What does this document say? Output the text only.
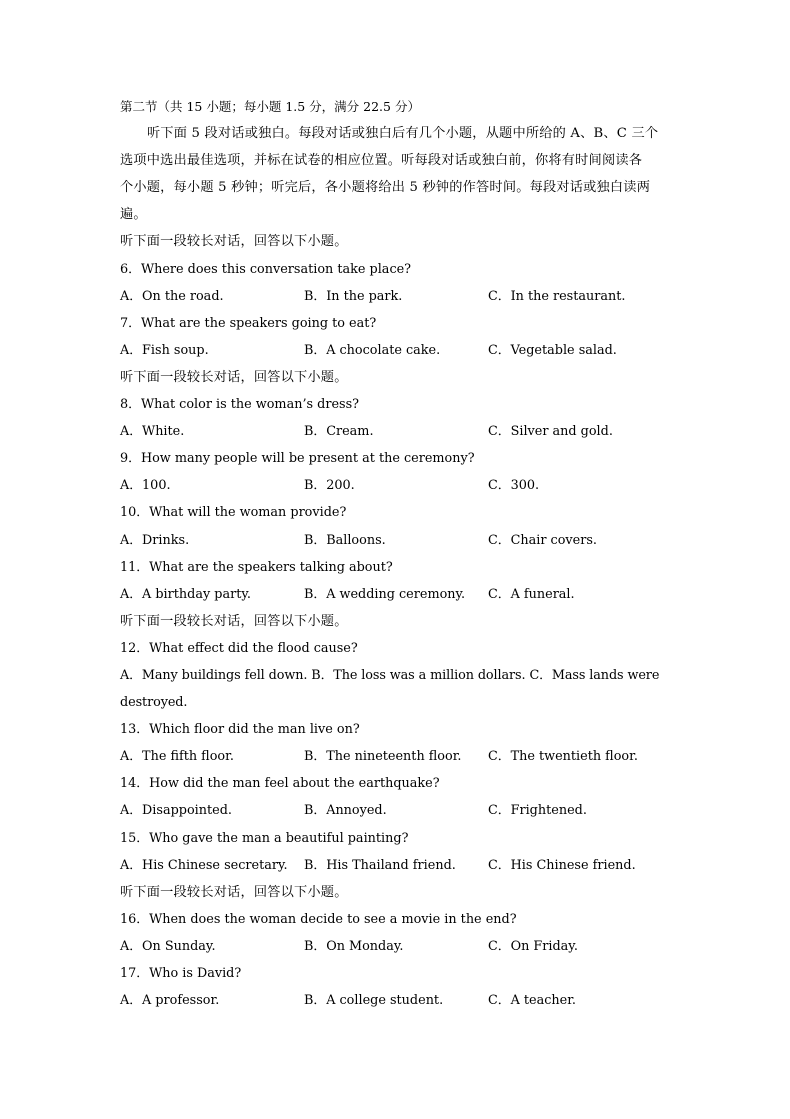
第二节（共 15 小题；每小题 1.5 分，满分 22.5 分）
听下面 5 段对话或独白。每段对话或独白后有几个小题，从题中所给的 A、B、C 三个
选项中选出最佳选项，并标在试卷的相应位置。听每段对话或独白前，你将有时间阅读各
个小题，每小题 5 秒钟；听完后，各小题将给出 5 秒钟的作答时间。每段对话或独白读两
遍。
听下面一段较长对话，回答以下小题。
6．Where does this conversation take place?
A．On the road.	B．In the park.	C．In the restaurant.
7．What are the speakers going to eat?
A．Fish soup.	B．A chocolate cake.	C．Vegetable salad.
听下面一段较长对话，回答以下小题。
8．What color is the woman’s dress?
A．White.	B．Cream.	C．Silver and gold.
9．How many people will be present at the ceremony?
A．100.	B．200.	C．300.
10．What will the woman provide?
A．Drinks.	B．Balloons.	C．Chair covers.
11．What are the speakers talking about?
A．A birthday party.	B．A wedding ceremony. C．A funeral.
听下面一段较长对话，回答以下小题。
12．What effect did the flood cause?
A．Many buildings fell down. B．The loss was a million dollars. C．Mass lands were
destroyed.
13．Which floor did the man live on?
A．The fifth floor.	B．The nineteenth floor. C．The twentieth floor.
14．How did the man feel about the earthquake?
A．Disappointed.	B．Annoyed.	C．Frightened.
15．Who gave the man a beautiful painting?
A．His Chinese secretary. B．His Thailand friend.	C．His Chinese friend.
听下面一段较长对话，回答以下小题。
16．When does the woman decide to see a movie in the end?
A．On Sunday.	B．On Monday.	C．On Friday.
17．Who is David?
A．A professor.	B．A college student.	C．A teacher.
